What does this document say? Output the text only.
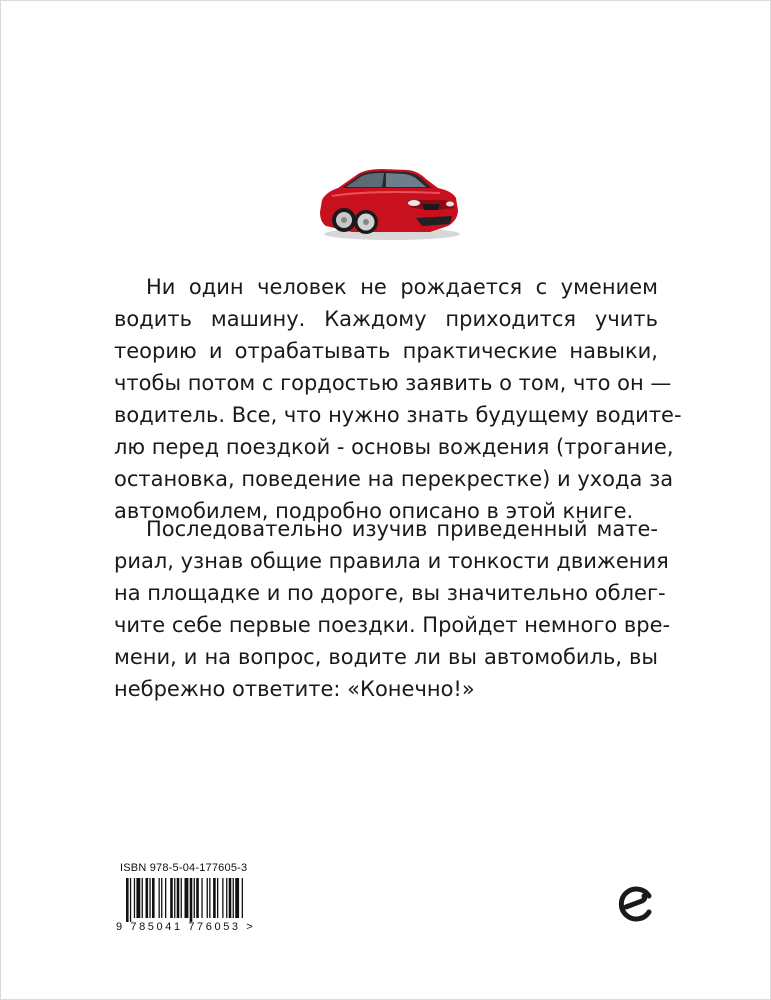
Ни один человек не рождается с умением
водить машину. Каждому приходится учить
теорию и отрабатывать практические навыки,
чтобы потом с гордостью заявить о том, что он —
водитель. Все, что нужно знать будущему водите-
лю перед поездкой - основы вождения (трогание,
остановка, поведение на перекрестке) и ухода за
автомобилем, подробно описано в этой книге.

Последовательно изучив приведенный мате-
риал, узнав общие правила и тонкости движения
на площадке и по дороге, вы значительно облег-
чите себе первые поездки. Пройдет немного вре-
мени, и на вопрос, водите ли вы автомобиль, вы
небрежно ответите: «Конечно!»

ISBN 978-5-04-177605-3
9 785041 776053 >
